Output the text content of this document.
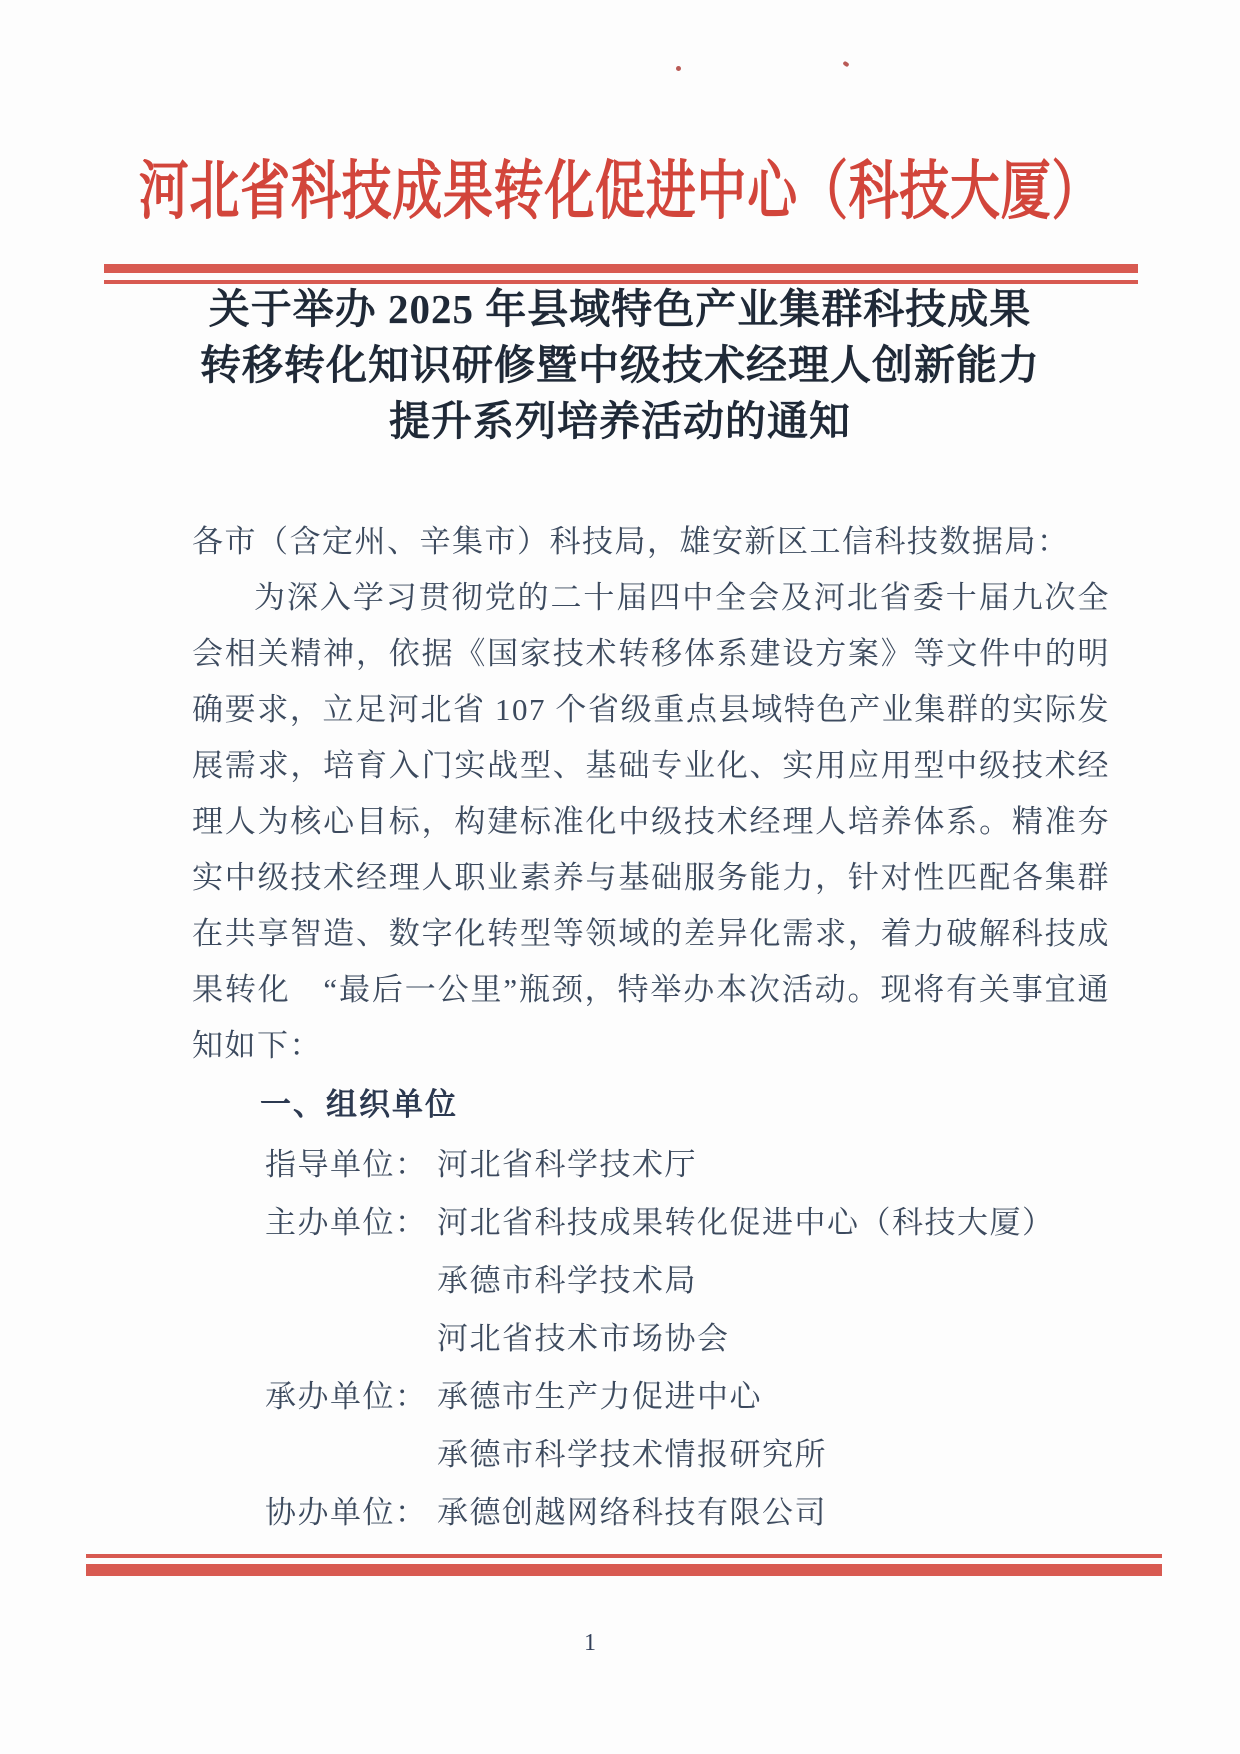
河北省科技成果转化促进中心（科技大厦）
关于举办 2025 年县域特色产业集群科技成果
转移转化知识研修暨中级技术经理人创新能力
提升系列培养活动的通知
各市（含定州、辛集市）科技局，雄安新区工信科技数据局：

为深入学习贯彻党的二十届四中全会及河北省委十届九次全会相关精神，依据《国家技术转移体系建设方案》等文件中的明确要求，立足河北省 107 个省级重点县域特色产业集群的实际发展需求，培育入门实战型、基础专业化、实用应用型中级技术经理人为核心目标，构建标准化中级技术经理人培养体系。精准夯实中级技术经理人职业素养与基础服务能力，针对性匹配各集群在共享智造、数字化转型等领域的差异化需求，着力破解科技成果转化　“最后一公里”瓶颈，特举办本次活动。现将有关事宜通知如下：

一、组织单位
指导单位： 河北省科学技术厅
主办单位： 河北省科技成果转化促进中心（科技大厦）
承德市科学技术局
河北省技术市场协会
承办单位： 承德市生产力促进中心
承德市科学技术情报研究所
协办单位： 承德创越网络科技有限公司
1
